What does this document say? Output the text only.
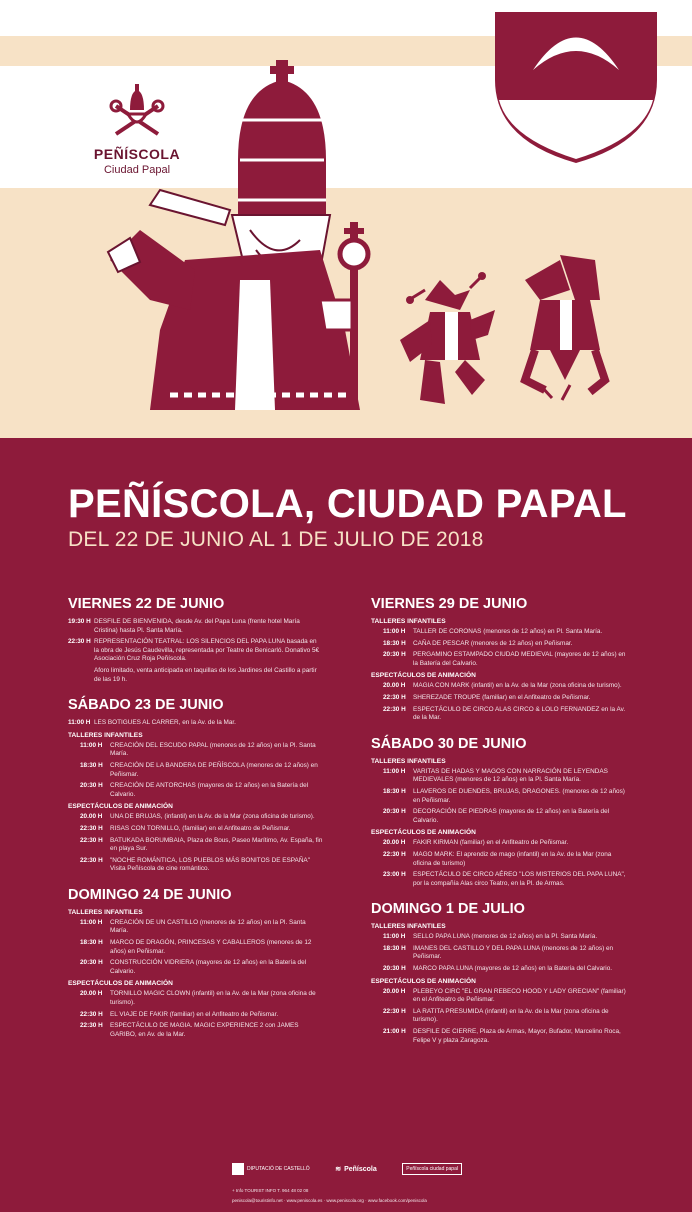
PEÑÍSCOLA
Ciudad Papal
PEÑÍSCOLA, CIUDAD PAPAL
DEL 22 DE JUNIO AL 1 DE JULIO DE 2018
VIERNES 22 DE JUNIO
19:30 H DESFILE DE BIENVENIDA, desde Av. del Papa Luna (frente hotel María Cristina) hasta Pl. Santa María.
22:30 H REPRESENTACIÓN TEATRAL: LOS SILENCIOS DEL PAPA LUNA basada en la obra de Jesús Caudevilla, representada por Teatre de Benicarló. Donativo 5€ Asociación Cruz Roja Peñíscola.
Aforo limitado, venta anticipada en taquillas de los Jardines del Castillo a partir de las 19 h.
SÁBADO 23 DE JUNIO
11:00 H LES BOTIGUES AL CARRER, en la Av. de la Mar.
TALLERES INFANTILES
11:00 H	CREACIÓN DEL ESCUDO PAPAL (menores de 12 años) en la Pl. Santa María.
18:30 H	CREACIÓN DE LA BANDERA DE PEÑÍSCOLA (menores de 12 años) en Peñismar.
20:30 H	CREACIÓN DE ANTORCHAS (mayores de 12 años) en la Batería del Calvario.
ESPECTÁCULOS DE ANIMACIÓN
20.00 H	UNA DE BRUJAS, (infantil) en la Av. de la Mar (zona oficina de turismo).
22:30 H	RISAS CON TORNILLO, (familiar) en el Anfiteatro de Peñismar.
22:30 H	BATUKADA BORUMBAIA, Plaza de Bous, Paseo Marítimo, Av. España, fin en playa Sur.
22:30 H	"NOCHE ROMÁNTICA, LOS PUEBLOS MÁS BONITOS DE ESPAÑA" Visita Peñíscola de cine romántico.
DOMINGO 24 DE JUNIO
TALLERES INFANTILES
11:00 H	CREACIÓN DE UN CASTILLO (menores de 12 años) en la Pl. Santa María.
18:30 H	MARCO DE DRAGÓN, PRINCESAS Y CABALLEROS (menores de 12 años) en Peñismar.
20:30 H	CONSTRUCCIÓN VIDRIERA (mayores de 12 años) en la Batería del Calvario.
ESPECTÁCULOS DE ANIMACIÓN
20.00 H	TORNILLO MAGIC CLOWN (infantil) en la Av. de la Mar (zona oficina de turismo).
22:30 H	EL VIAJE DE FAKIR (familiar) en el Anfiteatro de Peñismar.
22:30 H	ESPECTÁCULO DE MAGIA. MAGIC EXPERIENCE 2 con JAMES GARIBO, en Av. de la Mar.
VIERNES 29 DE JUNIO
TALLERES INFANTILES
11:00 H	TALLER DE CORONAS (menores de 12 años) en Pl. Santa María.
18:30 H	CAÑA DE PESCAR (menores de 12 años) en Peñismar.
20:30 H	PERGAMINO ESTAMPADO CIUDAD MEDIEVAL (mayores de 12 años) en la Batería del Calvario.
ESPECTÁCULOS DE ANIMACIÓN
20.00 H	MAGIA CON MARK (infantil) en la Av. de la Mar (zona oficina de turismo).
22:30 H	SHEREZADE TROUPE (familiar) en el Anfiteatro de Peñismar.
22:30 H	ESPECTÁCULO DE CIRCO ALAS CIRCO & LOLO FERNANDEZ en la Av. de la Mar.
SÁBADO 30 DE JUNIO
TALLERES INFANTILES
11:00 H	VARITAS DE HADAS Y MAGOS CON NARRACIÓN DE LEYENDAS MEDIEVALES (menores de 12 años) en la Pl. Santa María.
18:30 H	LLAVEROS DE DUENDES, BRUJAS, DRAGONES. (menores de 12 años) en Peñismar.
20:30 H	DECORACIÓN DE PIEDRAS (mayores de 12 años) en la Batería del Calvario.
ESPECTÁCULOS DE ANIMACIÓN
20.00 H	FAKIR KIRMAN (familiar) en el Anfiteatro de Peñismar.
22:30 H	MAGO MARK: El aprendiz de mago (infantil) en la Av. de la Mar (zona oficina de turismo)
23:00 H	ESPECTÁCULO DE CIRCO AÉREO "LOS MISTERIOS DEL PAPA LUNA", por la compañía Alas circo Teatro, en la Pl. de Armas.
DOMINGO 1 DE JULIO
TALLERES INFANTILES
11:00 H	SELLO PAPA LUNA (menores de 12 años) en la Pl. Santa María.
18:30 H	IMANES DEL CASTILLO Y DEL PAPA LUNA (menores de 12 años) en Peñismar.
20:30 H	MARCO PAPA LUNA (mayores de 12 años) en la Batería del Calvario.
ESPECTÁCULOS DE ANIMACIÓN
20.00 H	PLEBEYO CIRC "EL GRAN REBECO HOOD Y LADY GRECIAN" (familiar) en el Anfiteatro de Peñismar.
22:30 H	LA RATITA PRESUMIDA (infantil) en la Av. de la Mar (zona oficina de turismo).
21:00 H	DESFILE DE CIERRE, Plaza de Armas, Mayor, Bufador, Marcelino Roca, Felipe V y plaza Zaragoza.
DIPUTACIÓ DE CASTELLÓ	≋ Peñíscola	Peñíscola ciudad papal
+ Info TOURIST INFO T. 964 48 02 08
peniscola@touristinfo.net · www.peniscola.es · www.peniscola.org · www.facebook.com/peniscola
